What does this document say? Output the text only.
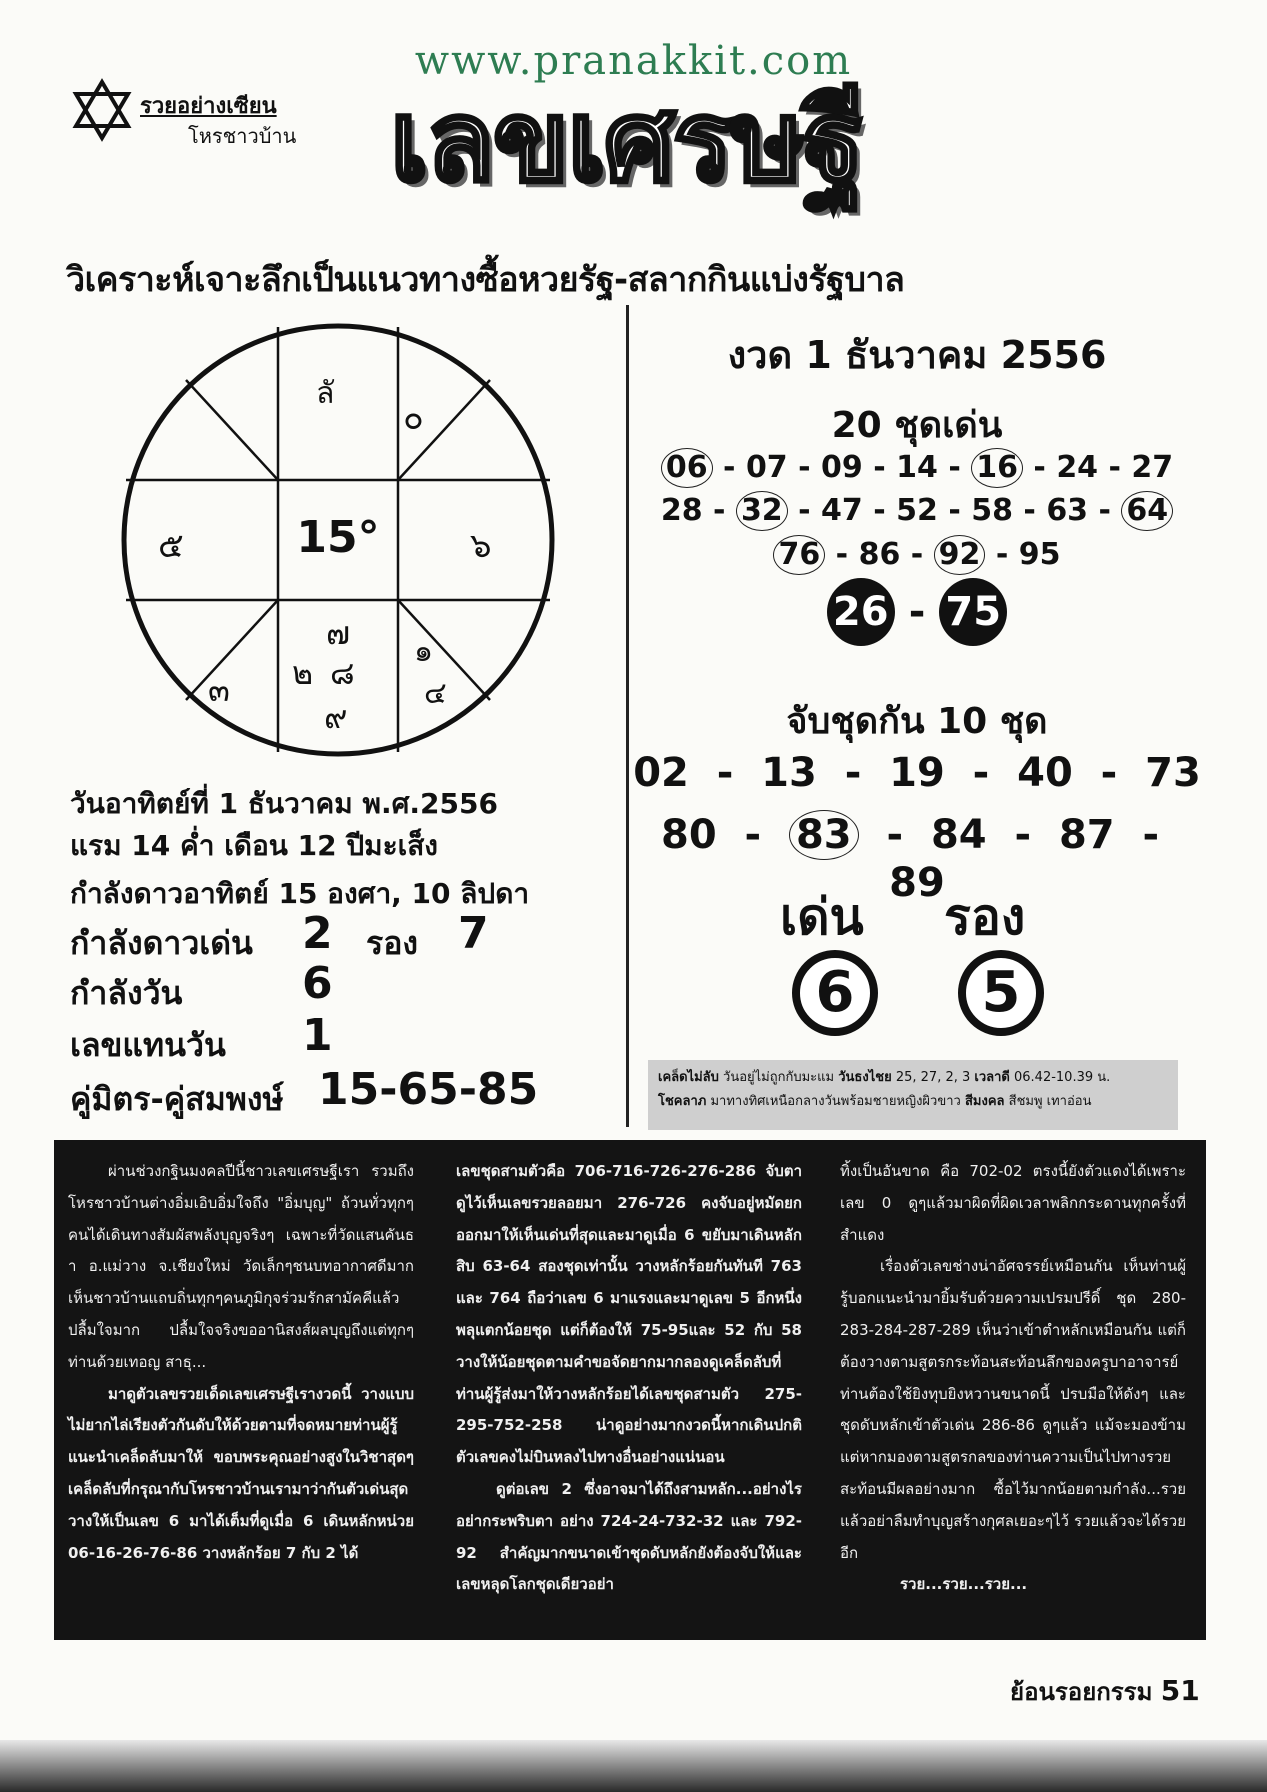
www.pranakkit.com
รวยอย่างเซียน
โหรชาวบ้าน เลขเศรษฐี
วิเคราะห์เจาะลึกเป็นแนวทางซื้อหวยรัฐ-สลากกินแบ่งรัฐบาล
ลั
๐
๕	15°	๖
๓
๗
๒ ๘
๙
๑
๔
วันอาทิตย์ที่ 1 ธันวาคม พ.ศ.2556
แรม 14 ค่ำ เดือน 12 ปีมะเส็ง
กำลังดาวอาทิตย์ 15 องศา, 10 ลิปดา
กำลังดาวเด่น 2 รอง 7
กำลังวัน	6
เลขแทนวัน 1
คู่มิตร-คู่สมพงษ์ 15-65-85
งวด 1 ธันวาคม 2556
20 ชุดเด่น
06 - 07 - 09 - 14 - 16 - 24 - 27
28 - 32 - 47 - 52 - 58 - 63 - 64
76 - 86 - 92 - 95
26 - 75
จับชุดกัน 10 ชุด
02  -  13  -  19  -  40  -  73
80  -  83  -  84  -  87  -  89
เด่น รอง
6	5
เคล็ดไม่ลับ วันอยู่ไม่ถูกกับมะแม วันธงไชย 25, 27, 2, 3 เวลาดี 06.42-10.39 น.
โชคลาภ มาทางทิศเหนือกลางวันพร้อมชายหญิงผิวขาว สีมงคล สีชมพู เทาอ่อน

ผ่านช่วงกฐินมงคลปีนี้ชาวเลขเศรษฐีเรา รวมถึงโหรชาวบ้านต่างอิ่มเอิบอิ่มใจถึง "อิ่มบุญ" ถ้วนทั่วทุกๆคนได้เดินทางสัมผัสพลังบุญจริงๆ เฉพาะที่วัดแสนคันธา อ.แม่วาง จ.เชียงใหม่ วัดเล็กๆชนบทอากาศดีมากเห็นชาวบ้านแถบถิ่นทุกๆคนภูมิกุจร่วมรักสามัคคีแล้วปลื้มใจมาก ปลื้มใจจริงขออานิสงส์ผลบุญถึงแต่ทุกๆท่านด้วยเทอญ สาธุ...

มาดูตัวเลขรวยเด็ดเลขเศรษฐีเรางวดนี้ วางแบบไม่ยากไล่เรียงตัวกันดับให้ด้วยตามที่จดหมายท่านผู้รู้แนะนำเคล็ดลับมาให้ ขอบพระคุณอย่างสูงในวิชาสุดๆเคล็ดลับที่กรุณากับโหรชาวบ้านเรามาว่ากันตัวเด่นสุดวางให้เป็นเลข 6 มาได้เต็มที่ดูเมื่อ 6 เดินหลักหน่วย 06-16-26-76-86 วางหลักร้อย 7 กับ 2 ได้

เลขชุดสามตัวคือ 706-716-726-276-286 จับตาดูไว้เห็นเลขรวยลอยมา 276-726 คงจับอยู่หมัดยกออกมาให้เห็นเด่นที่สุดและมาดูเมื่อ 6 ขยับมาเดินหลักสิบ 63-64 สองชุดเท่านั้น วางหลักร้อยกันทันที 763 และ 764 ถือว่าเลข 6 มาแรงและมาดูเลข 5 อีกหนึ่งพลุแตกน้อยชุด แต่ก็ต้องให้ 75-95และ 52 กับ 58 วางให้น้อยชุดตามคำขอจัดยากมากลองดูเคล็ดลับที่ท่านผู้รู้ส่งมาให้วางหลักร้อยได้เลขชุดสามตัว 275-295-752-258 น่าดูอย่างมากงวดนี้หากเดินปกติตัวเลขคงไม่บินหลงไปทางอื่นอย่างแน่นอน

ดูต่อเลข 2 ซึ่งอาจมาได้ถึงสามหลัก...อย่างไรอย่ากระพริบตา อย่าง 724-24-732-32 และ 792-92 สำคัญมากขนาดเข้าชุดดับหลักยังต้องจับให้และเลขหลุดโลกชุดเดียวอย่า

ทิ้งเป็นอันขาด คือ 702-02 ตรงนี้ยังตัวแดงได้เพราะเลข 0 ดูๆแล้วมาผิดที่ผิดเวลาพลิกกระดานทุกครั้งที่สำแดง

เรื่องตัวเลขช่างน่าอัศจรรย์เหมือนกัน เห็นท่านผู้รู้บอกแนะนำมายิ้มรับด้วยความเปรมปรีดิ์ ชุด 280-283-284-287-289 เห็นว่าเข้าตำหลักเหมือนกัน แต่ก็ต้องวางตามสูตรกระท้อนสะท้อนลึกของครูบาอาจารย์ท่านต้องใช้ยิงทุบยิงหวานขนาดนี้ ปรบมือให้ดังๆ และชุดดับหลักเข้าตัวเด่น 286-86 ดูๆแล้ว แม้จะมองข้ามแต่หากมองตามสูตรกลของท่านความเป็นไปทางรวยสะท้อนมีผลอย่างมาก ซื้อไว้มากน้อยตามกำลัง...รวยแล้วอย่าลืมทำบุญสร้างกุศลเยอะๆไว้ รวยแล้วจะได้รวยอีก

รวย...รวย...รวย...

ย้อนรอยกรรม 51
